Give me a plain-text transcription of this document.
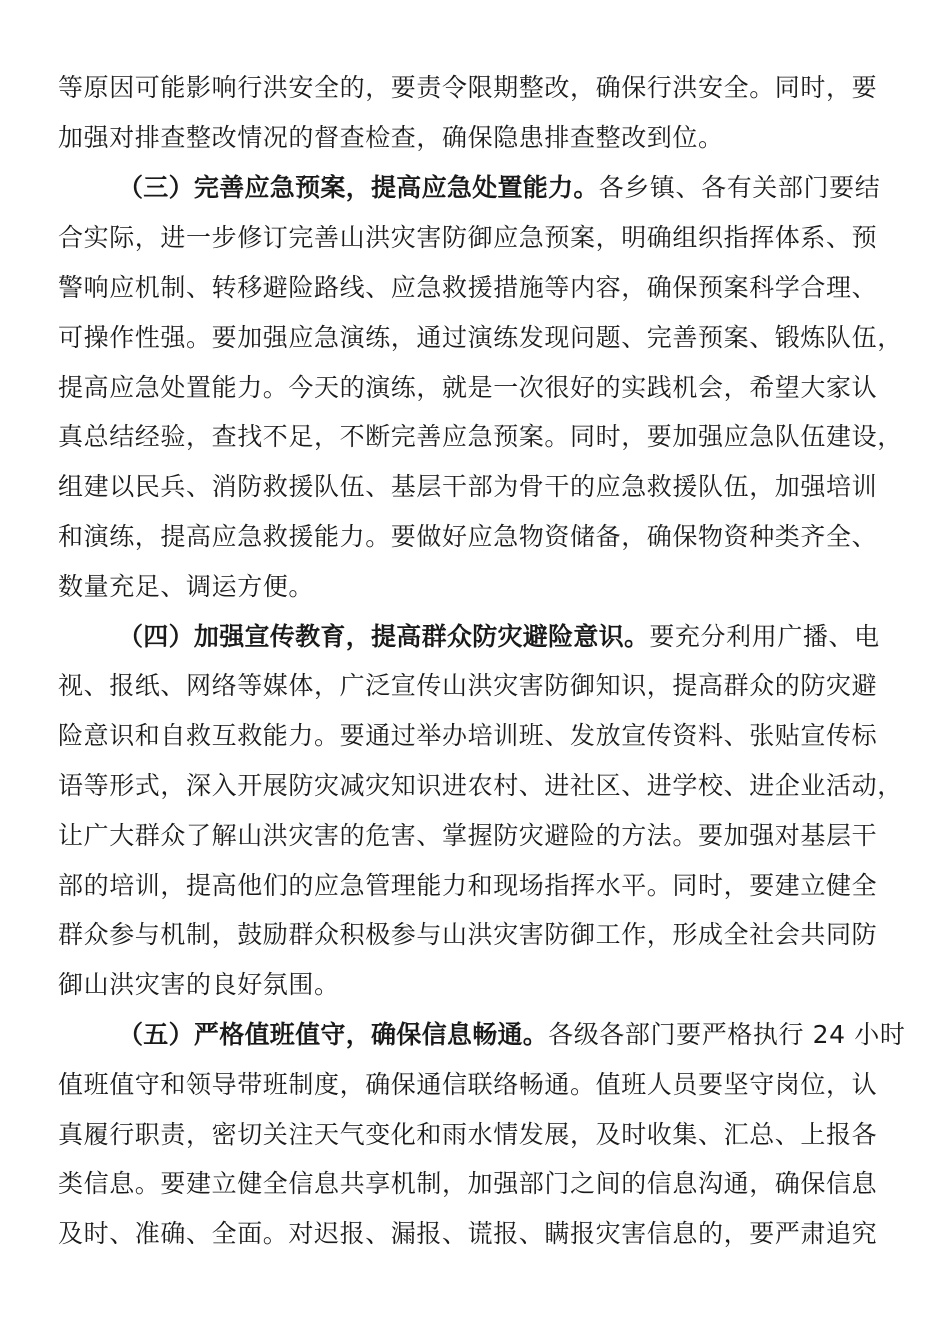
等原因可能影响行洪安全的，要责令限期整改，确保行洪安全。同时，要
加强对排查整改情况的督查检查，确保隐患排查整改到位。
（三）完善应急预案，提高应急处置能力。各乡镇、各有关部门要结
合实际，进一步修订完善山洪灾害防御应急预案，明确组织指挥体系、预
警响应机制、转移避险路线、应急救援措施等内容，确保预案科学合理、
可操作性强。要加强应急演练，通过演练发现问题、完善预案、锻炼队伍，
提高应急处置能力。今天的演练，就是一次很好的实践机会，希望大家认
真总结经验，查找不足，不断完善应急预案。同时，要加强应急队伍建设，
组建以民兵、消防救援队伍、基层干部为骨干的应急救援队伍，加强培训
和演练，提高应急救援能力。要做好应急物资储备，确保物资种类齐全、
数量充足、调运方便。
（四）加强宣传教育，提高群众防灾避险意识。要充分利用广播、电
视、报纸、网络等媒体，广泛宣传山洪灾害防御知识，提高群众的防灾避
险意识和自救互救能力。要通过举办培训班、发放宣传资料、张贴宣传标
语等形式，深入开展防灾减灾知识进农村、进社区、进学校、进企业活动，
让广大群众了解山洪灾害的危害、掌握防灾避险的方法。要加强对基层干
部的培训，提高他们的应急管理能力和现场指挥水平。同时，要建立健全
群众参与机制，鼓励群众积极参与山洪灾害防御工作，形成全社会共同防
御山洪灾害的良好氛围。
（五）严格值班值守，确保信息畅通。各级各部门要严格执行 24 小时
值班值守和领导带班制度，确保通信联络畅通。值班人员要坚守岗位，认
真履行职责，密切关注天气变化和雨水情发展，及时收集、汇总、上报各
类信息。要建立健全信息共享机制，加强部门之间的信息沟通，确保信息
及时、准确、全面。对迟报、漏报、谎报、瞒报灾害信息的，要严肃追究
